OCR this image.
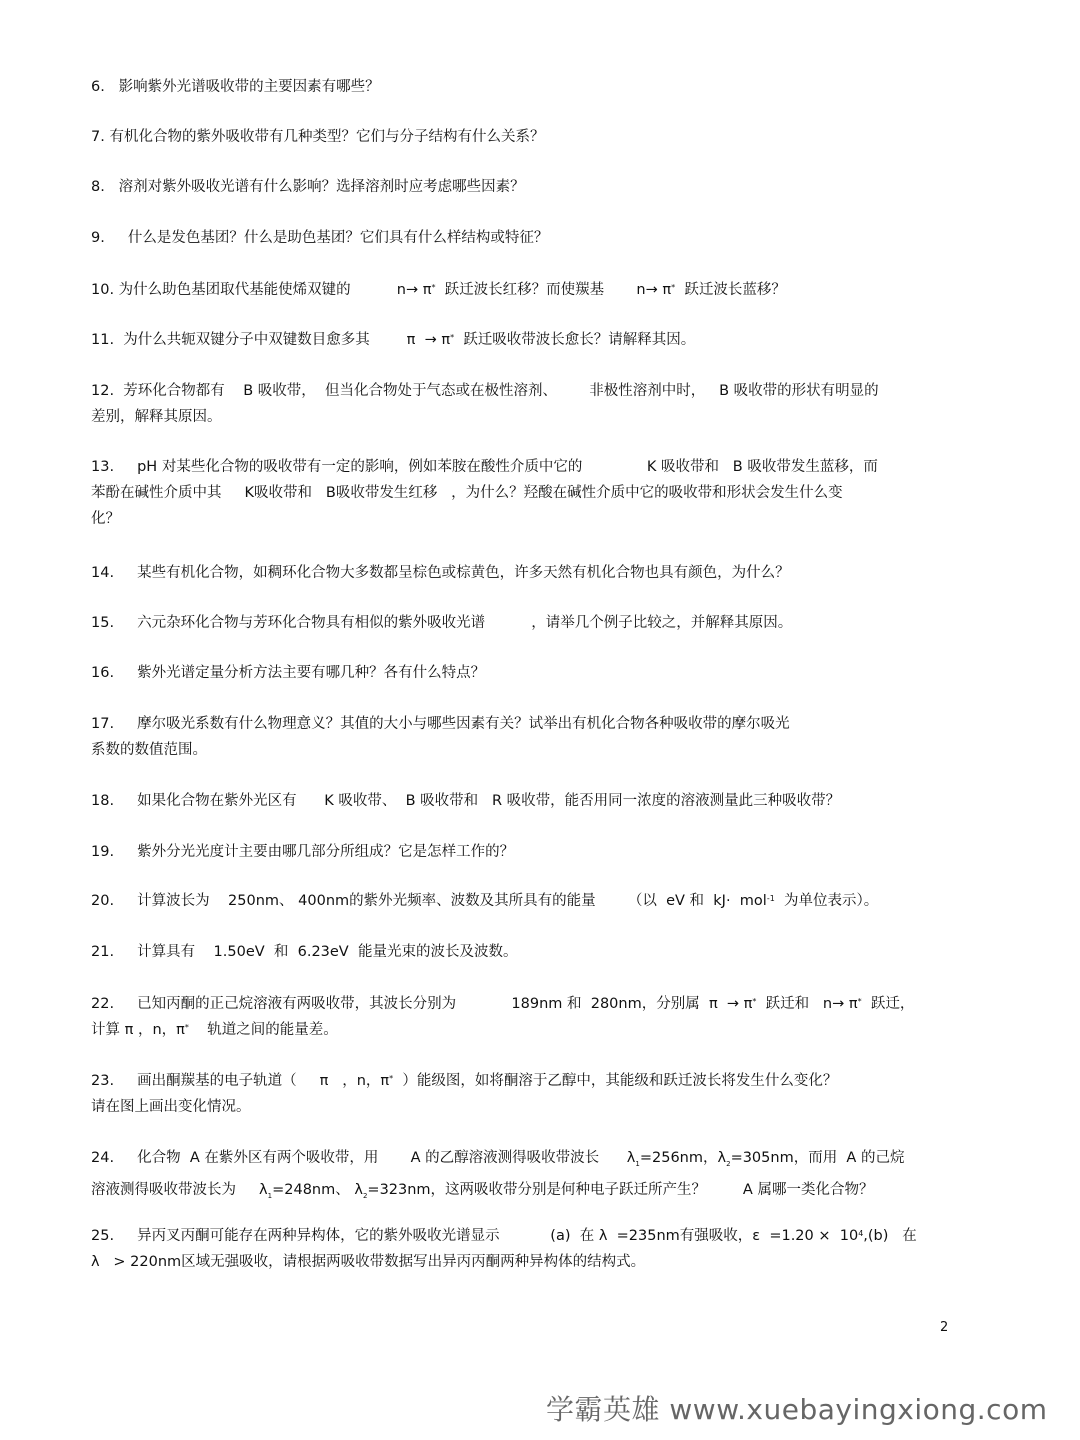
6.   影响紫外光谱吸收带的主要因素有哪些？
7. 有机化合物的紫外吸收带有几种类型？它们与分子结构有什么关系？
8.   溶剂对紫外吸收光谱有什么影响？选择溶剂时应考虑哪些因素？
9.     什么是发色基团？什么是助色基团？它们具有什么样结构或特征？
10. 为什么助色基团取代基能使烯双键的          n→ π* 跃迁波长红移？而使羰基       n→ π* 跃迁波长蓝移？
11.  为什么共轭双键分子中双键数目愈多其        π  → π* 跃迁吸收带波长愈长？请解释其因。
12.  芳环化合物都有    B 吸收带，  但当化合物处于气态或在极性溶剂、       非极性溶剂中时，   B 吸收带的形状有明显的
差别，解释其原因。
13.     pH 对某些化合物的吸收带有一定的影响，例如苯胺在酸性介质中它的              K 吸收带和   B 吸收带发生蓝移，而
苯酚在碱性介质中其     K吸收带和   B吸收带发生红移   ，为什么？羟酸在碱性介质中它的吸收带和形状会发生什么变
化？
14.     某些有机化合物，如稠环化合物大多数都呈棕色或棕黄色，许多天然有机化合物也具有颜色，为什么？
15.     六元杂环化合物与芳环化合物具有相似的紫外吸收光谱          ，请举几个例子比较之，并解释其原因。
16.     紫外光谱定量分析方法主要有哪几种？各有什么特点？
17.     摩尔吸光系数有什么物理意义？其值的大小与哪些因素有关？试举出有机化合物各种吸收带的摩尔吸光
系数的数值范围。
18.     如果化合物在紫外光区有      K 吸收带、  B 吸收带和   R 吸收带，能否用同一浓度的溶液测量此三种吸收带？
19.     紫外分光光度计主要由哪几部分所组成？它是怎样工作的？
20.     计算波长为    250nm、 400nm的紫外光频率、波数及其所具有的能量       （以  eV 和  kJ·  mol$^{-1}$ 为单位表示）。
21.     计算具有    1.50eV  和  6.23eV  能量光束的波长及波数。
22.     已知丙酮的正己烷溶液有两吸收带，其波长分别为            189nm 和  280nm，分别属  π  → π* 跃迁和   n→ π* 跃迁，
计算 π ，n，π*    轨道之间的能量差。
23.     画出酮羰基的电子轨道（     π   ，n，π* ）能级图，如将酮溶于乙醇中，其能级和跃迁波长将发生什么变化？
请在图上画出变化情况。
24.     化合物  A 在紫外区有两个吸收带，用       A 的乙醇溶液测得吸收带波长      $\lambda_1=256nm$，$\lambda_2=305nm$，而用  A 的己烷
溶液测得吸收带波长为     $\lambda_1=248nm$、 $\lambda_2=323nm$，这两吸收带分别是何种电子跃迁所产生？        A 属哪一类化合物？
25.     异丙叉丙酮可能存在两种异构体，它的紫外吸收光谱显示           (a)  在 λ  =235nm有强吸收，$\varepsilon =1.20 \times 10^4,(b)$   在
λ   > 220nm区域无强吸收，请根据两吸收带数据写出异丙丙酮两种异构体的结构式。
2
学霸英雄 www.xuebayingxiong.com
